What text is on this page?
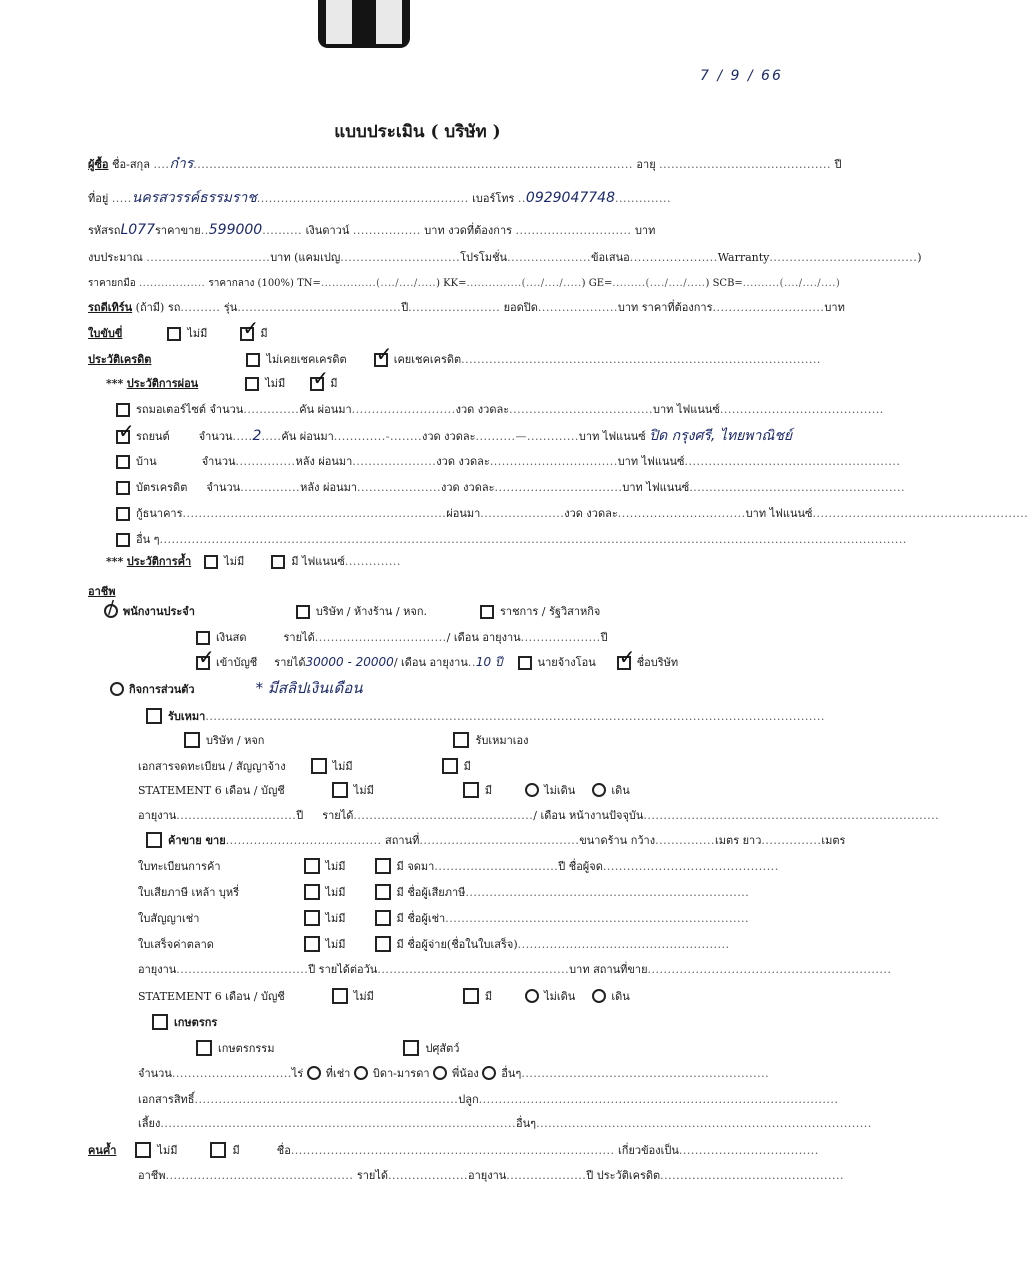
7 / 9 / 66
แบบประเมิน ( บริษัท )
ผู้ซื้อ ชื่อ-สกุล ....ก๋าร.............................................................................................................. อายุ ........................................... ปี
ที่อยู่ .....นครสวรรค์ธรรมราช..................................................... เบอร์โทร ..0929047748..............
รหัสรถL077ราคาขาย..599000.......... เงินดาวน์ ................. บาท งวดที่ต้องการ ............................. บาท
งบประมาณ ...............................บาท (แคมเปญ..............................โปรโมชั่น.....................ข้อเสนอ......................Warranty.....................................)
ราคายกมือ .................. ราคากลาง (100%) TN=...............(..../..../.....) KK=...............(..../..../.....) GE=.........(..../..../.....) SCB=..........(..../..../....)
รถดีเทิร์น (ถ้ามี) รถ.......... รุ่น.........................................ปี....................... ยอดปิด....................บาท ราคาที่ต้องการ............................บาท
ใบขับขี่	ไม่มี ✓	มี
ประวัติเครดิต	ไม่เคยเชคเครดิต ✓	เคยเชคเครดิต..........................................................................................
*** ประวัติการผ่อน	ไม่มี ✓	มี
รถมอเตอร์ไซต์ จำนวน..............คัน ผ่อนมา..........................งวด งวดละ....................................บาท ไฟแนนซ์.........................................
✓รถยนต์	จำนวน.....2.....คัน ผ่อนมา.............-........งวด งวดละ..........—.............บาท ไฟแนนซ์ ปิด กรุงศรี, ไทยพาณิชย์
บ้าน	จำนวน...............หลัง ผ่อนมา.....................งวด งวดละ................................บาท ไฟแนนซ์......................................................
บัตรเครดิต จำนวน...............หลัง ผ่อนมา.....................งวด งวดละ................................บาท ไฟแนนซ์......................................................
กู้ธนาคาร..................................................................ผ่อนมา.....................งวด งวดละ................................บาท ไฟแนนซ์......................................................
อื่น ๆ...........................................................................................................................................................................................
*** ประวัติการค้ำ	ไม่มี	มี ไฟแนนซ์..............
อาชีพ
/พนักงานประจำ	บริษัท / ห้างร้าน / หจก.	ราชการ / รัฐวิสาหกิจ
เงินสด	รายได้................................./ เดือน อายุงาน....................ปี
✓เข้าบัญชี รายได้30000 - 20000/ เดือน อายุงาน..10 ปี	นายจ้างโอน ✓	ชื่อบริษัท
กิจการส่วนตัว	* มีสลิปเงินเดือน
รับเหมา...........................................................................................................................................................
บริษัท / หจก	รับเหมาเอง
เอกสารจดทะเบียน / สัญญาจ้าง	ไม่มี	มี
STATEMENT 6 เดือน / บัญชี	ไม่มี	มี	ไม่เดิน	เดิน
อายุงาน..............................ปี รายได้............................................./ เดือน หน้างานปัจจุบัน..........................................................................
ค้าขาย ขาย....................................... สถานที่........................................ขนาดร้าน กว้าง...............เมตร ยาว...............เมตร
ใบทะเบียนการค้า	ไม่มี	มี จดมา...............................ปี ชื่อผู้จด............................................
ใบเสียภาษี เหล้า บุหรี่	ไม่มี	มี ชื่อผู้เสียภาษี.......................................................................
ใบสัญญาเช่า	ไม่มี	มี ชื่อผู้เช่า............................................................................
ใบเสร็จค่าตลาด	ไม่มี	มี ชื่อผู้จ่าย(ชื่อในใบเสร็จ).....................................................
อายุงาน.................................ปี รายได้ต่อวัน................................................บาท สถานที่ขาย.............................................................
STATEMENT 6 เดือน / บัญชี	ไม่มี	มี	ไม่เดิน	เดิน
เกษตรกร
เกษตรกรรม	ปศุสัตว์
จำนวน..............................ไร่ ที่เช่า บิดา-มารดา พี่น้อง อื่นๆ..............................................................
เอกสารสิทธิ์..................................................................ปลูก..........................................................................................
เลี้ยง.........................................................................................อื่นๆ....................................................................................
คนค้ำ	ไม่มี	มี	ชื่อ................................................................................. เกี่ยวข้องเป็น...................................
อาชีพ............................................... รายได้....................อายุงาน....................ปี ประวัติเครดิต..............................................
